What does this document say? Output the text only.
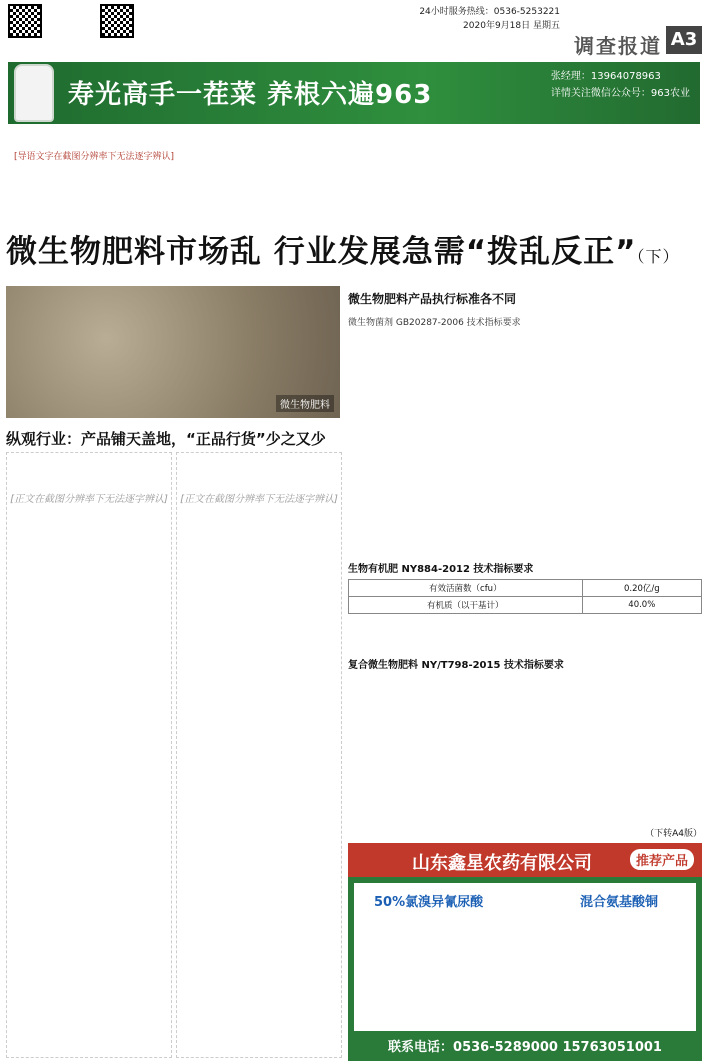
24小时服务热线：0536-5253221
2020年9月18日 星期五
调查报道 A3
寿光高手一茬菜 养根六遍963
张经理：13964078963
详情关注微信公众号：963农业
[导语文字在截图分辨率下无法逐字辨认]
微生物肥料市场乱 行业发展急需“拨乱反正”（下）
微生物肥料
纵观行业：产品铺天盖地，“正品行货”少之又少
[正文在截图分辨率下无法逐字辨认]	[正文在截图分辨率下无法逐字辨认]
微生物肥料产品执行标准各不同
微生物菌剂 GB20287-2006 技术指标要求
生物有机肥 NY884-2012 技术指标要求
有效活菌数（cfu）	0.20亿/g
有机质（以干基计）	40.0%
复合微生物肥料 NY/T798-2015 技术指标要求
（下转A4版）
山东鑫星农药有限公司	推荐产品
50%氯溴异氰尿酸	混合氨基酸铜
联系电话：0536-5289000 15763051001
